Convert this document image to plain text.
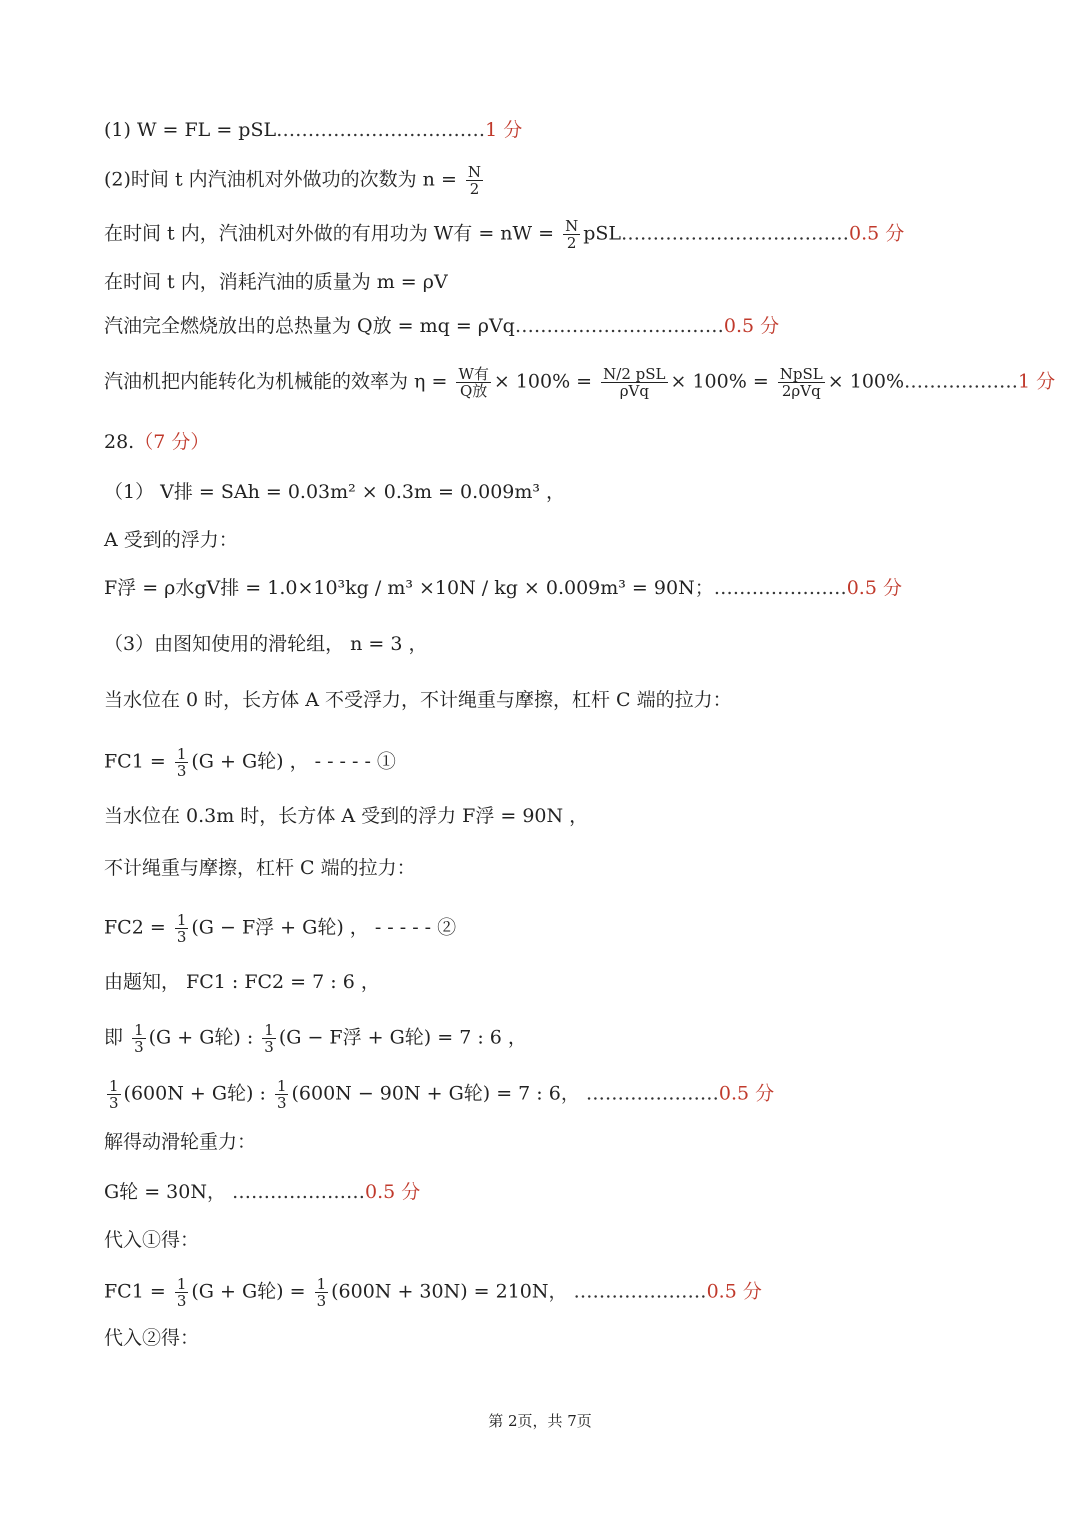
(1) W = FL = pSL……………………………1 分
(2)时间 t 内汽油机对外做功的次数为 $n = \frac{N}{2}$
在时间 t 内，汽油机对外做的有用功为 W有 = nW = $\frac{N}{2}$ pSL………………………………0.5 分
在时间 t 内，消耗汽油的质量为 m = ρV
汽油完全燃烧放出的总热量为 Q放 = mq = ρVq……………………………0.5 分
汽油机把内能转化为机械能的效率为 $\eta = \frac{\text{W有}}{\text{Q放}} \times 100\% = \frac{\text{N/2 pSL}}{\text{ρVq}} \times 100\% = \frac{\text{NpSL}}{\text{2ρVq}}$ × 100%………………1 分
28.（7 分）
（1） V排 = SAh = 0.03m² × 0.3m = 0.009m³ ，
A 受到的浮力：
F浮 = ρ水gV排 = 1.0×10³kg / m³ ×10N / kg × 0.009m³ = 90N；…………………0.5 分
（3）由图知使用的滑轮组， n = 3 ，
当水位在 0 时，长方体 A 不受浮力，不计绳重与摩擦，杠杆 C 端的拉力：
$FC1 = \frac{1}{3} (G + G$轮) ， - - - - - ①
当水位在 0.3m 时，长方体 A 受到的浮力 F浮 = 90N ，
不计绳重与摩擦，杠杆 C 端的拉力：
$FC2 = \frac{1}{3} (G - F$浮 + G轮) ， - - - - - ②
由题知， FC1 : FC2 = 7 : 6 ，
即 $\frac{1}{3} (G + G$轮) : $\frac{1}{3} (G - F$浮 + G轮) = 7 : 6 ，
$\frac{1}{3} (600N + G$轮) : $\frac{1}{3} (600N - 90N + G$轮) = 7 : 6， …………………0.5 分
解得动滑轮重力：
G轮 = 30N， …………………0.5 分
代入①得：
$FC1 = \frac{1}{3} (G + G$轮) = $\frac{1}{3} (600N + 30N) = 210N$， …………………0.5 分
代入②得：
第 2页，共 7页
